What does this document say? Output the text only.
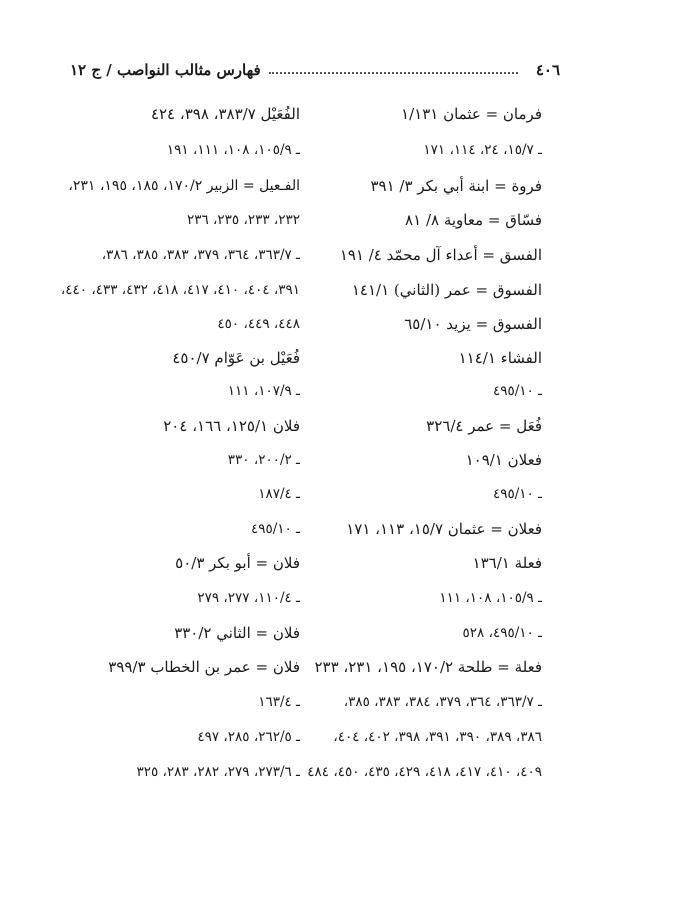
٤٠٦
فهارس مثالب النواصب / ج ١٢
فرمان = عثمان ١/١٣١
ـ ١٥/٧، ٢٤، ١١٤، ١٧١
فروة = ابنة أبي بكر ٣/ ٣٩١
فسّاق = معاوية ٨/ ٨١
الفسق = أعداء آل محمّد ٤/ ١٩١
الفسوق = عمر (الثاني) ١٤١/١
الفسوق = يزيد ٦٥/١٠
الفشاء ١١٤/١
ـ ٤٩٥/١٠
فُعَل = عمر ٣٢٦/٤
فعلان ١٠٩/١
ـ ٤٩٥/١٠
فعلان = عثمان ١٥/٧، ١١٣، ١٧١
فعلة ١٣٦/١
ـ ١٠٥/٩، ١٠٨، ١١١
ـ ٤٩٥/١٠، ٥٢٨
فعلة = طلحة ١٧٠/٢، ١٩٥، ٢٣١، ٢٣٣
ـ ٣٦٣/٧، ٣٦٤، ٣٧٩، ٣٨٤، ٣٨٣، ٣٨٥،
٣٨٦، ٣٨٩، ٣٩٠، ٣٩١، ٣٩٨، ٤٠٢، ٤٠٤،
٤٠٩، ٤١٠، ٤١٧، ٤١٨، ٤٢٩، ٤٣٥، ٤٥٠، ٤٨٤
الفُعَيْل ٣٨٣/٧، ٣٩٨، ٤٢٤
ـ ١٠٥/٩، ١٠٨، ١١١، ١٩١
الفـعيل = الزبير ١٧٠/٢، ١٨٥، ١٩٥، ٢٣١،
٢٣٢، ٢٣٣، ٢٣٥، ٢٣٦
ـ ٣٦٣/٧، ٣٦٤، ٣٧٩، ٣٨٣، ٣٨٥، ٣٨٦،
٣٩١، ٤٠٤، ٤١٠، ٤١٧، ٤١٨، ٤٣٢، ٤٣٣، ٤٤٠،
٤٤٨، ٤٤٩، ٤٥٠
فُعَيْل بن عَوّام ٤٥٠/٧
ـ ١٠٧/٩، ١١١
فلان ١٢٥/١، ١٦٦، ٢٠٤
ـ ٢٠٠/٢، ٣٣٠
ـ ١٨٧/٤
ـ ٤٩٥/١٠
فلان = أبو بكر ٥٠/٣
ـ ١١٠/٤، ٢٧٧، ٢٧٩
فلان = الثاني ٣٣٠/٢
فلان = عمر بن الخطاب ٣٩٩/٣
ـ ١٦٣/٤
ـ ٢٦٢/٥، ٢٨٥، ٤٩٧
ـ ٢٧٣/٦، ٢٧٩، ٢٨٢، ٢٨٣، ٣٢٥
